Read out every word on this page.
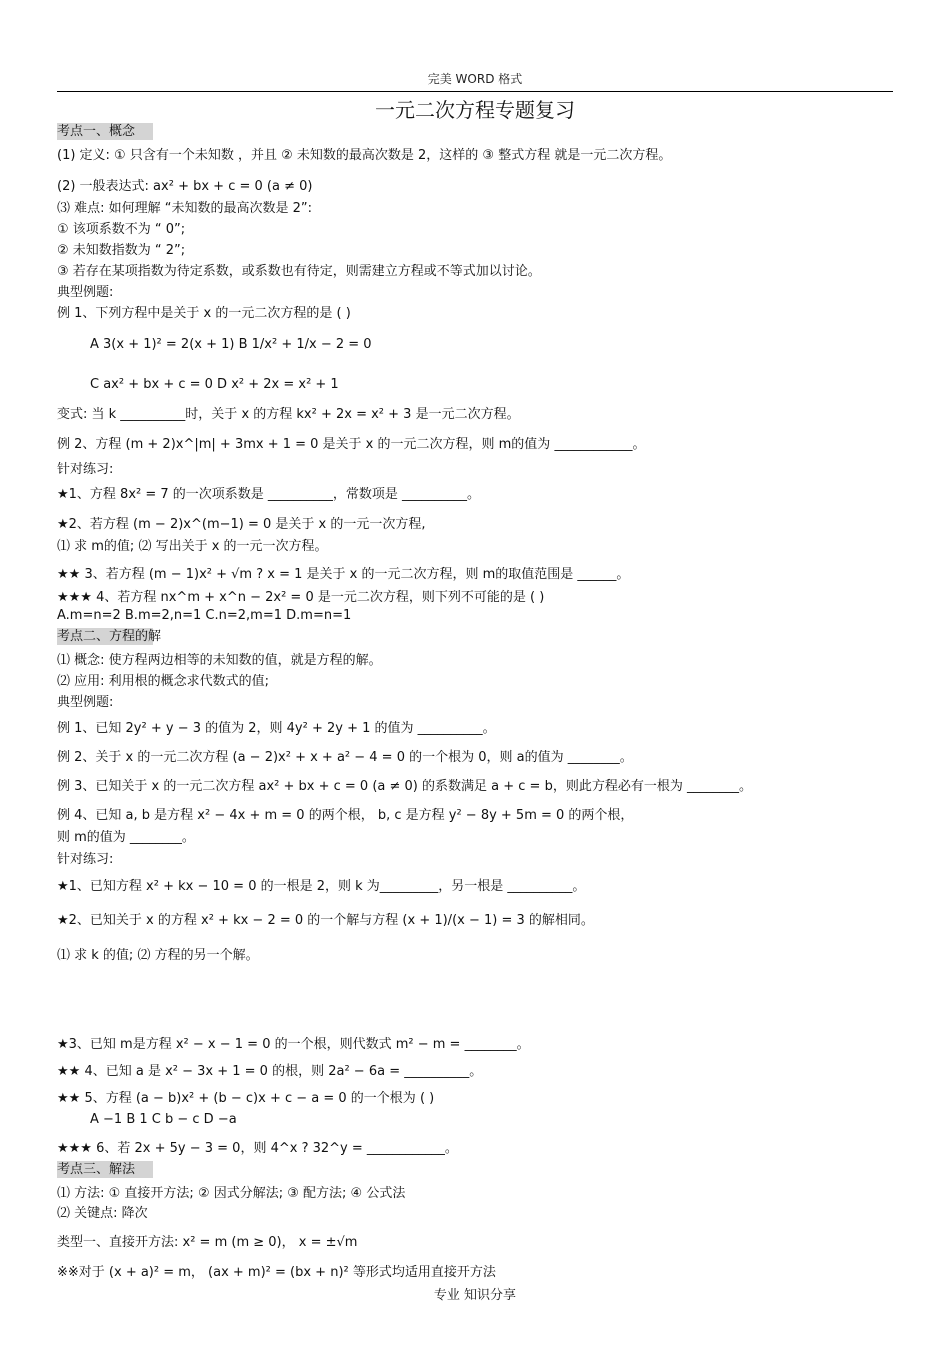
完美 WORD 格式
一元二次方程专题复习
考点一、概念
(1) 定义: ① 只含有一个未知数 ，并且 ② 未知数的最高次数是 2，这样的 ③ 整式方程 就是一元二次方程。
(2) 一般表达式: ax² + bx + c = 0 (a ≠ 0)
⑶ 难点: 如何理解 “未知数的最高次数是 2”:
① 该项系数不为 “ 0”;
② 未知数指数为 “ 2”;
③ 若存在某项指数为待定系数，或系数也有待定，则需建立方程或不等式加以讨论。
典型例题:
例 1、下列方程中是关于 x 的一元二次方程的是 ( )
A 3(x + 1)² = 2(x + 1) B 1/x² + 1/x − 2 = 0
C ax² + bx + c = 0 D x² + 2x = x² + 1
变式: 当 k __________时，关于 x 的方程 kx² + 2x = x² + 3 是一元二次方程。
例 2、方程 (m + 2)x^|m| + 3mx + 1 = 0 是关于 x 的一元二次方程，则 m的值为 ____________。
针对练习:
★1、方程 8x² = 7 的一次项系数是 __________，常数项是 __________。
★2、若方程 (m − 2)x^(m−1) = 0 是关于 x 的一元一次方程,
⑴ 求 m的值; ⑵ 写出关于 x 的一元一次方程。
★★ 3、若方程 (m − 1)x² + √m ? x = 1 是关于 x 的一元二次方程，则 m的取值范围是 ______。
★★★ 4、若方程 nx^m + x^n − 2x² = 0 是一元二次方程，则下列不可能的是 ( )
A.m=n=2 B.m=2,n=1 C.n=2,m=1 D.m=n=1
考点二、方程的解
⑴ 概念: 使方程两边相等的未知数的值，就是方程的解。
⑵ 应用: 利用根的概念求代数式的值;
典型例题:
例 1、已知 2y² + y − 3 的值为 2，则 4y² + 2y + 1 的值为 __________。
例 2、关于 x 的一元二次方程 (a − 2)x² + x + a² − 4 = 0 的一个根为 0，则 a的值为 ________。
例 3、已知关于 x 的一元二次方程 ax² + bx + c = 0 (a ≠ 0) 的系数满足 a + c = b，则此方程必有一根为 ________。
例 4、已知 a, b 是方程 x² − 4x + m = 0 的两个根， b, c 是方程 y² − 8y + 5m = 0 的两个根，
则 m的值为 ________。
针对练习:
★1、已知方程 x² + kx − 10 = 0 的一根是 2，则 k 为_________，另一根是 __________。
★2、已知关于 x 的方程 x² + kx − 2 = 0 的一个解与方程 (x + 1)/(x − 1) = 3 的解相同。
⑴ 求 k 的值; ⑵ 方程的另一个解。
★3、已知 m是方程 x² − x − 1 = 0 的一个根，则代数式 m² − m = ________。
★★ 4、已知 a 是 x² − 3x + 1 = 0 的根，则 2a² − 6a = __________。
★★ 5、方程 (a − b)x² + (b − c)x + c − a = 0 的一个根为 ( )
A −1 B 1 C b − c D −a
★★★ 6、若 2x + 5y − 3 = 0，则 4^x ? 32^y = ____________。
考点三、解法
⑴ 方法: ① 直接开方法; ② 因式分解法; ③ 配方法; ④ 公式法
⑵ 关键点: 降次
类型一、直接开方法: x² = m (m ≥ 0)， x = ±√m
※※对于 (x + a)² = m， (ax + m)² = (bx + n)² 等形式均适用直接开方法
专业 知识分享
